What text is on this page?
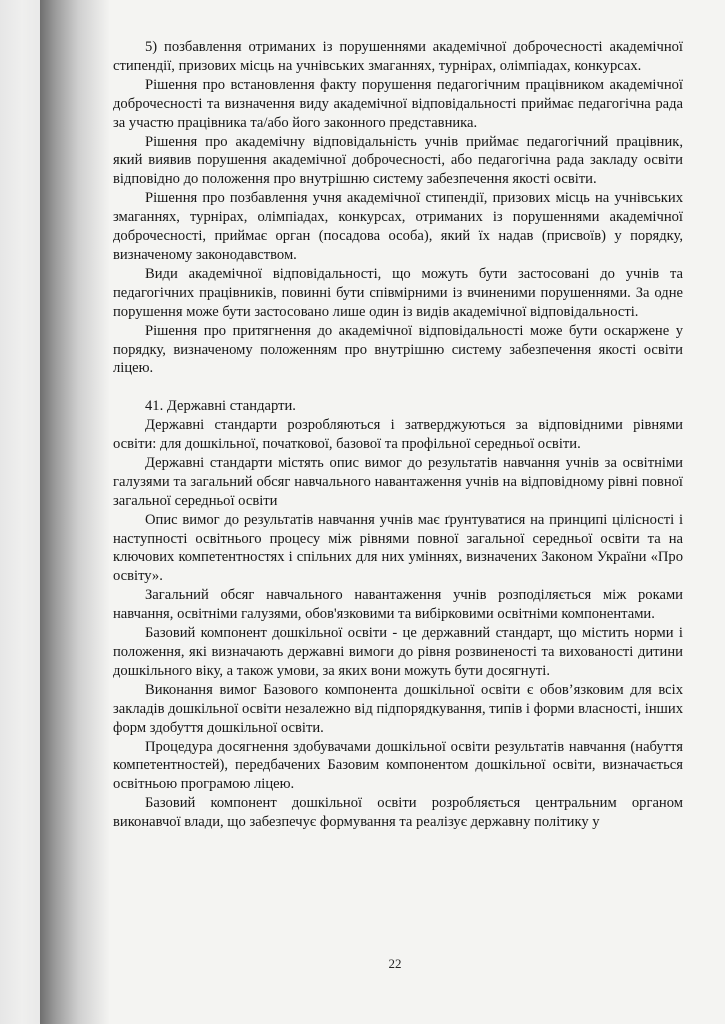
5) позбавлення отриманих із порушеннями академічної доброчесності академічної стипендії, призових місць на учнівських змаганнях, турнірах, олімпіадах, конкурсах.

Рішення про встановлення факту порушення педагогічним працівником академічної доброчесності та визначення виду академічної відповідальності приймає педагогічна рада за участю працівника та/або його законного представника.

Рішення про академічну відповідальність учнів приймає педагогічний працівник, який виявив порушення академічної доброчесності, або педагогічна рада закладу освіти відповідно до положення про внутрішню систему забезпечення якості освіти.

Рішення про позбавлення учня академічної стипендії, призових місць на учнівських змаганнях, турнірах, олімпіадах, конкурсах, отриманих із порушеннями академічної доброчесності, приймає орган (посадова особа), який їх надав (присвоїв) у порядку, визначеному законодавством.

Види академічної відповідальності, що можуть бути застосовані до учнів та педагогічних працівників, повинні бути співмірними із вчиненими порушеннями. За одне порушення може бути застосовано лише один із видів академічної відповідальності.

Рішення про притягнення до академічної відповідальності може бути оскаржене у порядку, визначеному положенням про внутрішню систему забезпечення якості освіти ліцею.

41. Державні стандарти.

Державні стандарти розробляються і затверджуються за відповідними рівнями освіти: для дошкільної, початкової, базової та профільної середньої освіти.

Державні стандарти містять опис вимог до результатів навчання учнів за освітніми галузями та загальний обсяг навчального навантаження учнів на відповідному рівні повної загальної середньої освіти

Опис вимог до результатів навчання учнів має ґрунтуватися на принципі цілісності і наступності освітнього процесу між рівнями повної загальної середньої освіти та на ключових компетентностях і спільних для них уміннях, визначених Законом України «Про освіту».

Загальний обсяг навчального навантаження учнів розподіляється між роками навчання, освітніми галузями, обов'язковими та вибірковими освітніми компонентами.

Базовий компонент дошкільної освіти - це державний стандарт, що містить норми і положення, які визначають державні вимоги до рівня розвиненості та вихованості дитини дошкільного віку, а також умови, за яких вони можуть бути досягнуті.

Виконання вимог Базового компонента дошкільної освіти є обов’язковим для всіх закладів дошкільної освіти незалежно від підпорядкування, типів і форми власності, інших форм здобуття дошкільної освіти.

Процедура досягнення здобувачами дошкільної освіти результатів навчання (набуття компетентностей), передбачених Базовим компонентом дошкільної освіти, визначається освітньою програмою ліцею.

Базовий компонент дошкільної освіти розробляється центральним органом виконавчої влади, що забезпечує формування та реалізує державну політику у

22
